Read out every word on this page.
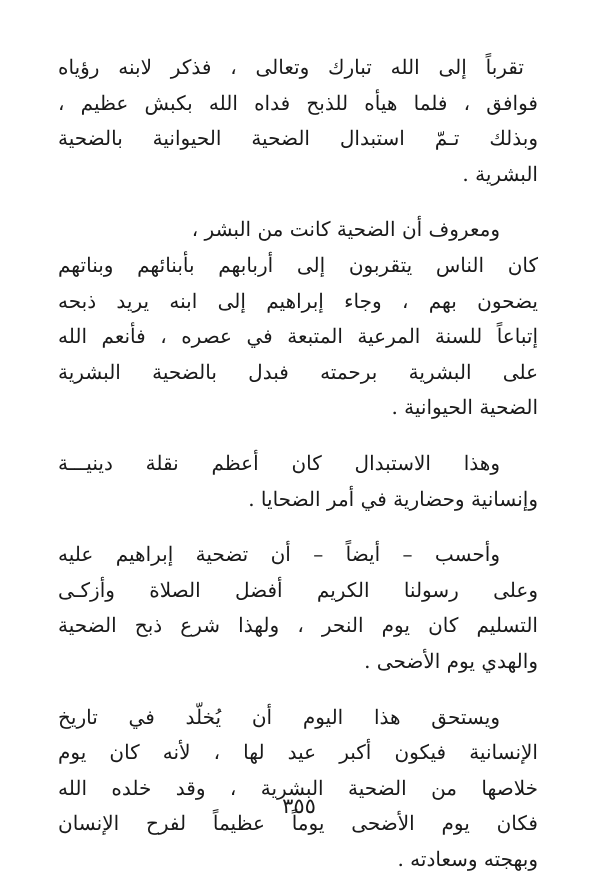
تقرباً إلى الله تبارك وتعالى ، فذكر لابنه رؤياه
فوافق ، فلما هيأه للذبح فداه الله بكبش عظيم ،
وبذلك تـمّ استبدال الضحية الحيوانية بالضحية
البشرية .
ومعروف أن الضحية كانت من البشر ،
كان الناس يتقربون إلى أربابهم بأبنائهم وبناتهم
يضحون بهم ، وجاء إبراهيم إلى ابنه يريد ذبحه
إتباعاً للسنة المرعية المتبعة في عصره ، فأنعم الله
على البشرية برحمته فبدل بالضحية البشرية
الضحية الحيوانية .
وهذا الاستبدال كان أعظم نقلة دينيـــة
وإنسانية وحضارية في أمر الضحايا .
وأحسب – أيضاً – أن تضحية إبراهيم عليه
وعلى رسولنا الكريم أفضل الصلاة وأزكـى
التسليم كان يوم النحر ، ولهذا شرع ذبح الضحية
والهدي يوم الأضحى .
ويستحق هذا اليوم أن يُخلّد في تاريخ
الإنسانية فيكون أكبر عيد لها ، لأنه كان يوم
خلاصها من الضحية البشرية ، وقد خلده الله
فكان يوم الأضحى يوماً عظيماً لفرح الإنسان
وبهجته وسعادته .
٣٥٥
